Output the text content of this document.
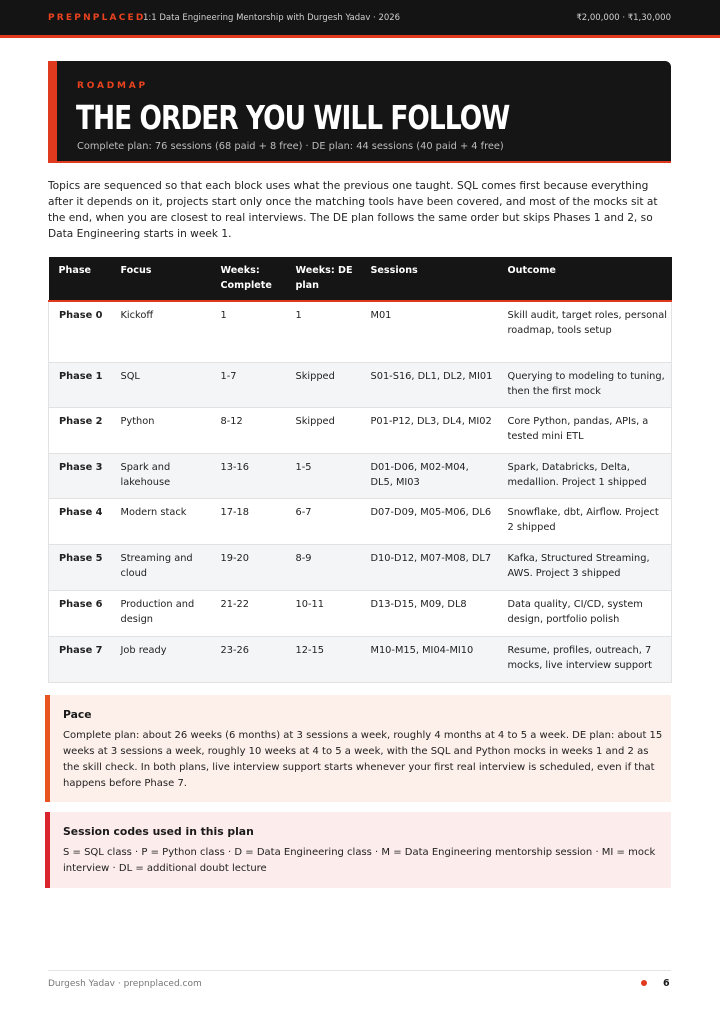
PREPNPLACED
1:1 Data Engineering Mentorship with Durgesh Yadav · 2026	₹2,00,000 · ₹1,30,000
ROADMAP
THE ORDER YOU WILL FOLLOW
Complete plan: 76 sessions (68 paid + 8 free) · DE plan: 44 sessions (40 paid + 4 free)

Topics are sequenced so that each block uses what the previous one taught. SQL comes first because everything after it depends on it, projects start only once the matching tools have been covered, and most of the mocks sit at the end, when you are closest to real interviews. The DE plan follows the same order but skips Phases 1 and 2, so Data Engineering starts in week 1.

Phase	Focus	Weeks: Complete	Weeks: DE plan	Sessions	Outcome
Phase 0	Kickoff	1	1	M01	Skill audit, target roles, personal roadmap, tools setup
Phase 1	SQL	1-7	Skipped	S01-S16, DL1, DL2, MI01	Querying to modeling to tuning, then the first mock
Phase 2	Python	8-12	Skipped	P01-P12, DL3, DL4, MI02	Core Python, pandas, APIs, a tested mini ETL
Phase 3	Spark and lakehouse	13-16	1-5	D01-D06, M02-M04, DL5, MI03	Spark, Databricks, Delta, medallion. Project 1 shipped
Phase 4	Modern stack	17-18	6-7	D07-D09, M05-M06, DL6	Snowflake, dbt, Airflow. Project 2 shipped
Phase 5	Streaming and cloud	19-20	8-9	D10-D12, M07-M08, DL7	Kafka, Structured Streaming, AWS. Project 3 shipped
Phase 6	Production and design	21-22	10-11	D13-D15, M09, DL8	Data quality, CI/CD, system design, portfolio polish
Phase 7	Job ready	23-26	12-15	M10-M15, MI04-MI10	Resume, profiles, outreach, 7 mocks, live interview support
Pace
Complete plan: about 26 weeks (6 months) at 3 sessions a week, roughly 4 months at 4 to 5 a week. DE plan: about 15 weeks at 3 sessions a week, roughly 10 weeks at 4 to 5 a week, with the SQL and Python mocks in weeks 1 and 2 as the skill check. In both plans, live interview support starts whenever your first real interview is scheduled, even if that happens before Phase 7.
Session codes used in this plan
S = SQL class · P = Python class · D = Data Engineering class · M = Data Engineering mentorship session · MI = mock interview · DL = additional doubt lecture
Durgesh Yadav · prepnplaced.com	6
